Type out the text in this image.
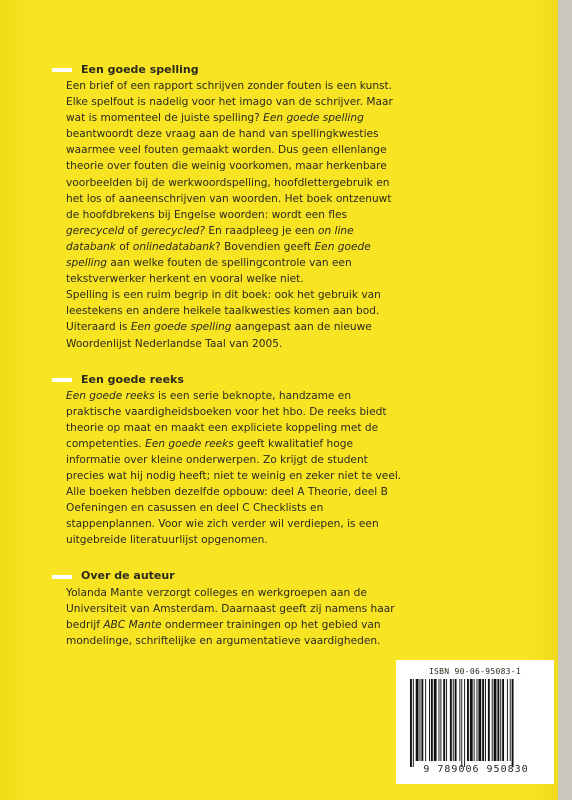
Een goede spelling

Een brief of een rapport schrijven zonder fouten is een kunst. Elke spelfout is nadelig voor het imago van de schrijver. Maar wat is momenteel de juiste spelling? Een goede spelling beantwoordt deze vraag aan de hand van spellingkwesties waarmee veel fouten gemaakt worden. Dus geen ellenlange theorie over fouten die weinig voorkomen, maar herkenbare voorbeelden bij de werkwoordspelling, hoofdlettergebruik en het los of aaneenschrijven van woorden. Het boek ontzenuwt de hoofdbrekens bij Engelse woorden: wordt een fles gerecyceld of gerecycled? En raadpleeg je een on line databank of onlinedatabank? Bovendien geeft Een goede spelling aan welke fouten de spellingcontrole van een tekstverwerker herkent en vooral welke niet.

Spelling is een ruim begrip in dit boek: ook het gebruik van leestekens en andere heikele taalkwesties komen aan bod. Uiteraard is Een goede spelling aangepast aan de nieuwe Woordenlijst Nederlandse Taal van 2005.

Een goede reeks

Een goede reeks is een serie beknopte, handzame en praktische vaardigheidsboeken voor het hbo. De reeks biedt theorie op maat en maakt een expliciete koppeling met de competenties. Een goede reeks geeft kwalitatief hoge informatie over kleine onderwerpen. Zo krijgt de student precies wat hij nodig heeft; niet te weinig en zeker niet te veel. Alle boeken hebben dezelfde opbouw: deel A Theorie, deel B Oefeningen en casussen en deel C Checklists en stappenplannen. Voor wie zich verder wil verdiepen, is een uitgebreide literatuurlijst opgenomen.

Over de auteur

Yolanda Mante verzorgt colleges en werkgroepen aan de Universiteit van Amsterdam. Daarnaast geeft zij namens haar bedrijf ABC Mante ondermeer trainingen op het gebied van mondelinge, schriftelijke en argumentatieve vaardigheden.

ISBN 90-06-95083-1
9 789006 950830
